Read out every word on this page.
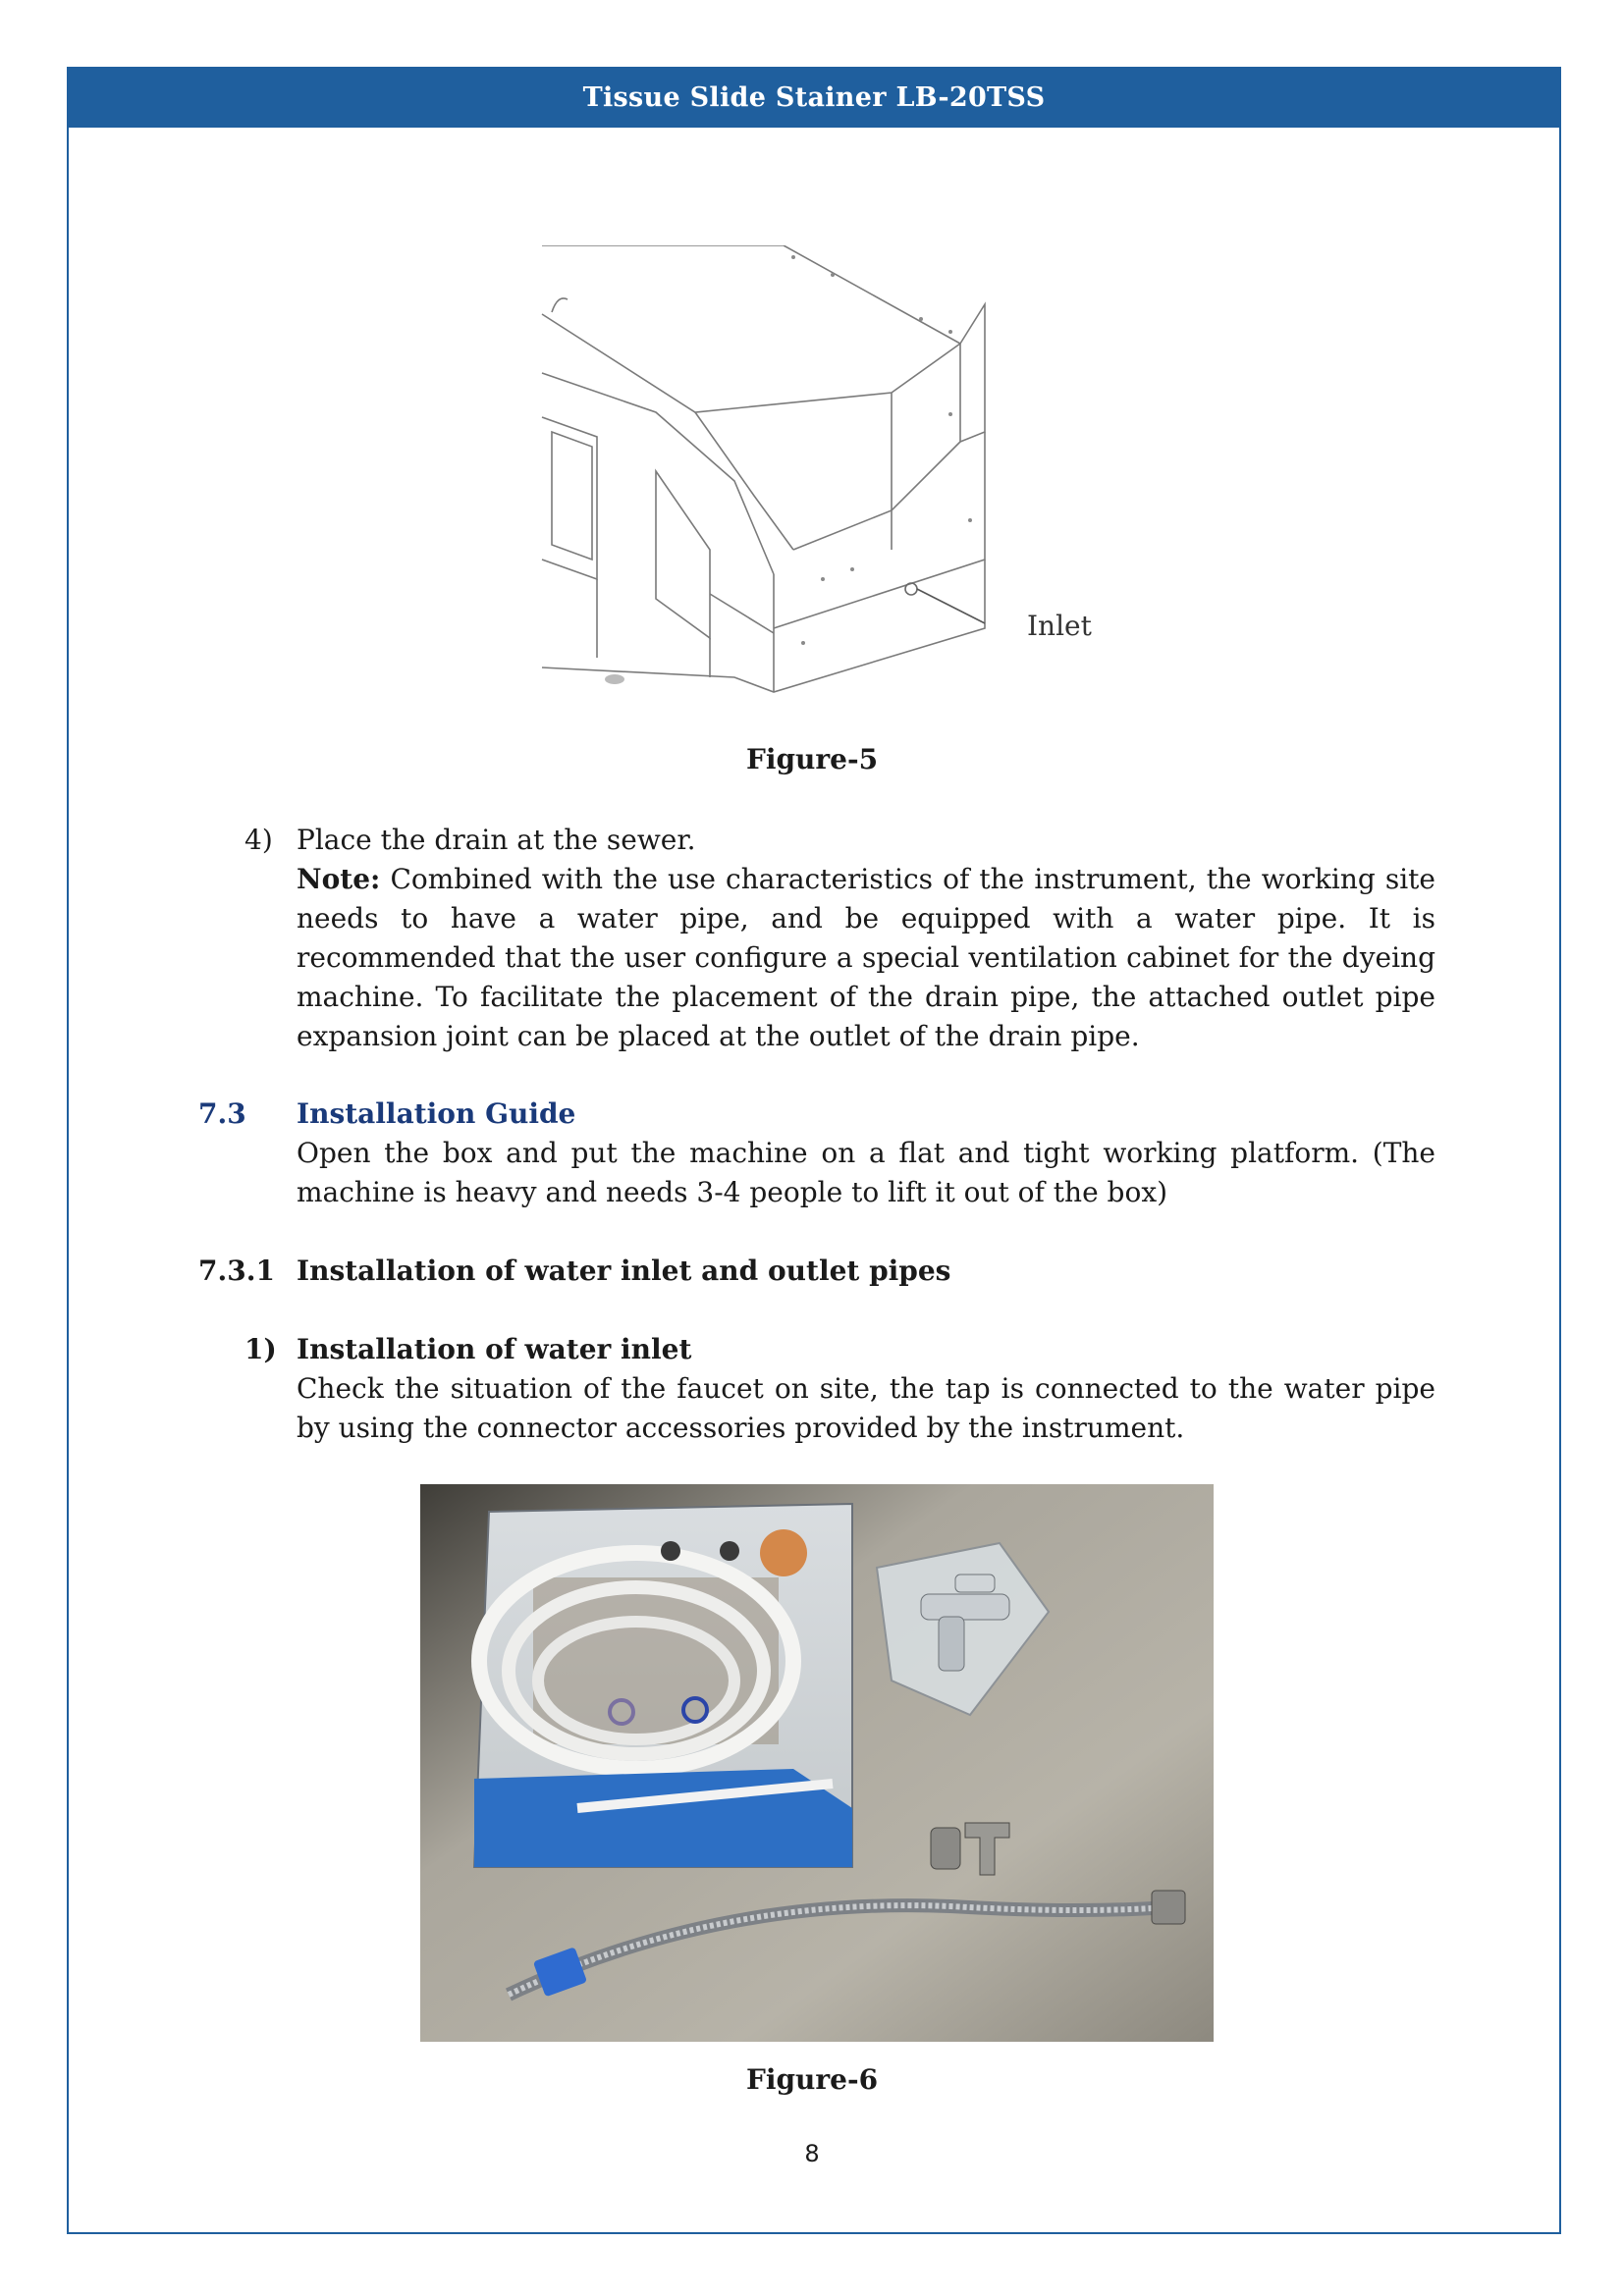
Tissue Slide Stainer LB-20TSS
Inlet
Figure-5
4) Place the drain at the sewer.
Note: Combined with the use characteristics of the instrument, the working site needs to have a water pipe, and be equipped with a water pipe. It is recommended that the user configure a special ventilation cabinet for the dyeing machine. To facilitate the placement of the drain pipe, the attached outlet pipe expansion joint can be placed at the outlet of the drain pipe.
7.3 Installation Guide
Open the box and put the machine on a flat and tight working platform. (The machine is heavy and needs 3-4 people to lift it out of the box)
7.3.1 Installation of water inlet and outlet pipes
1) Installation of water inlet
Check the situation of the faucet on site, the tap is connected to the water pipe by using the connector accessories provided by the instrument.
Figure-6
8
